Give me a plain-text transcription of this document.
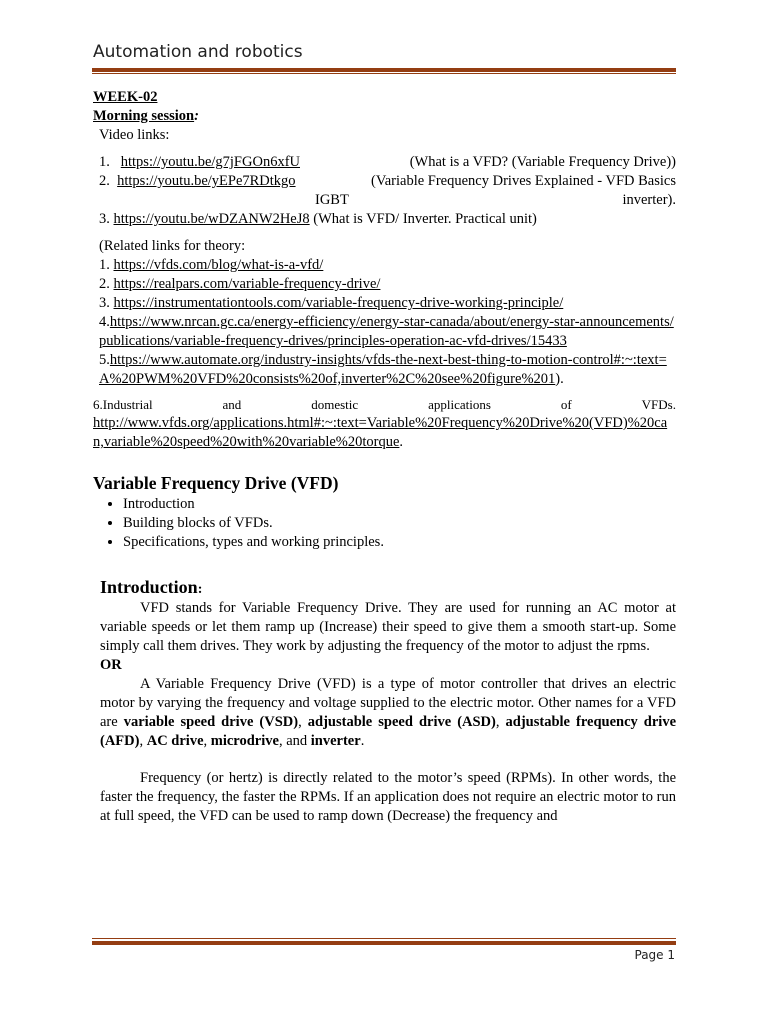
Automation and robotics

WEEK-02

Morning session:

Video links:

1. https://youtu.be/g7jFGOn6xfU	(What is a VFD? (Variable Frequency Drive))
2. https://youtu.be/yEPe7RDtkgo	(Variable Frequency Drives Explained - VFD Basics
IGBT	inverter).
3. https://youtu.be/wDZANW2HeJ8 (What is VFD/ Inverter. Practical unit)
(Related links for theory:
1. https://vfds.com/blog/what-is-a-vfd/
2. https://realpars.com/variable-frequency-drive/
3. https://instrumentationtools.com/variable-frequency-drive-working-principle/
4.https://www.nrcan.gc.ca/energy-efficiency/energy-star-canada/about/energy-star-announcements/publications/variable-frequency-drives/principles-operation-ac-vfd-drives/15433
5.https://www.automate.org/industry-insights/vfds-the-next-best-thing-to-motion-control#:~:text=A%20PWM%20VFD%20consists%20of,inverter%2C%20see%20figure%201).
6.Industrial	and	domestic	applications	of	VFDs.
http://www.vfds.org/applications.html#:~:text=Variable%20Frequency%20Drive%20(VFD)%20can,variable%20speed%20with%20variable%20torque.
Variable Frequency Drive (VFD)
• Introduction
• Building blocks of VFDs.
• Specifications, types and working principles.
Introduction:

VFD stands for Variable Frequency Drive. They are used for running an AC motor at variable speeds or let them ramp up (Increase) their speed to give them a smooth start-up. Some simply call them drives. They work by adjusting the frequency of the motor to adjust the rpms.

OR

A Variable Frequency Drive (VFD) is a type of motor controller that drives an electric motor by varying the frequency and voltage supplied to the electric motor. Other names for a VFD are variable speed drive (VSD), adjustable speed drive (ASD), adjustable frequency drive (AFD), AC drive, microdrive, and inverter.

Frequency (or hertz) is directly related to the motor’s speed (RPMs). In other words, the faster the frequency, the faster the RPMs. If an application does not require an electric motor to run at full speed, the VFD can be used to ramp down (Decrease) the frequency and

Page 1
